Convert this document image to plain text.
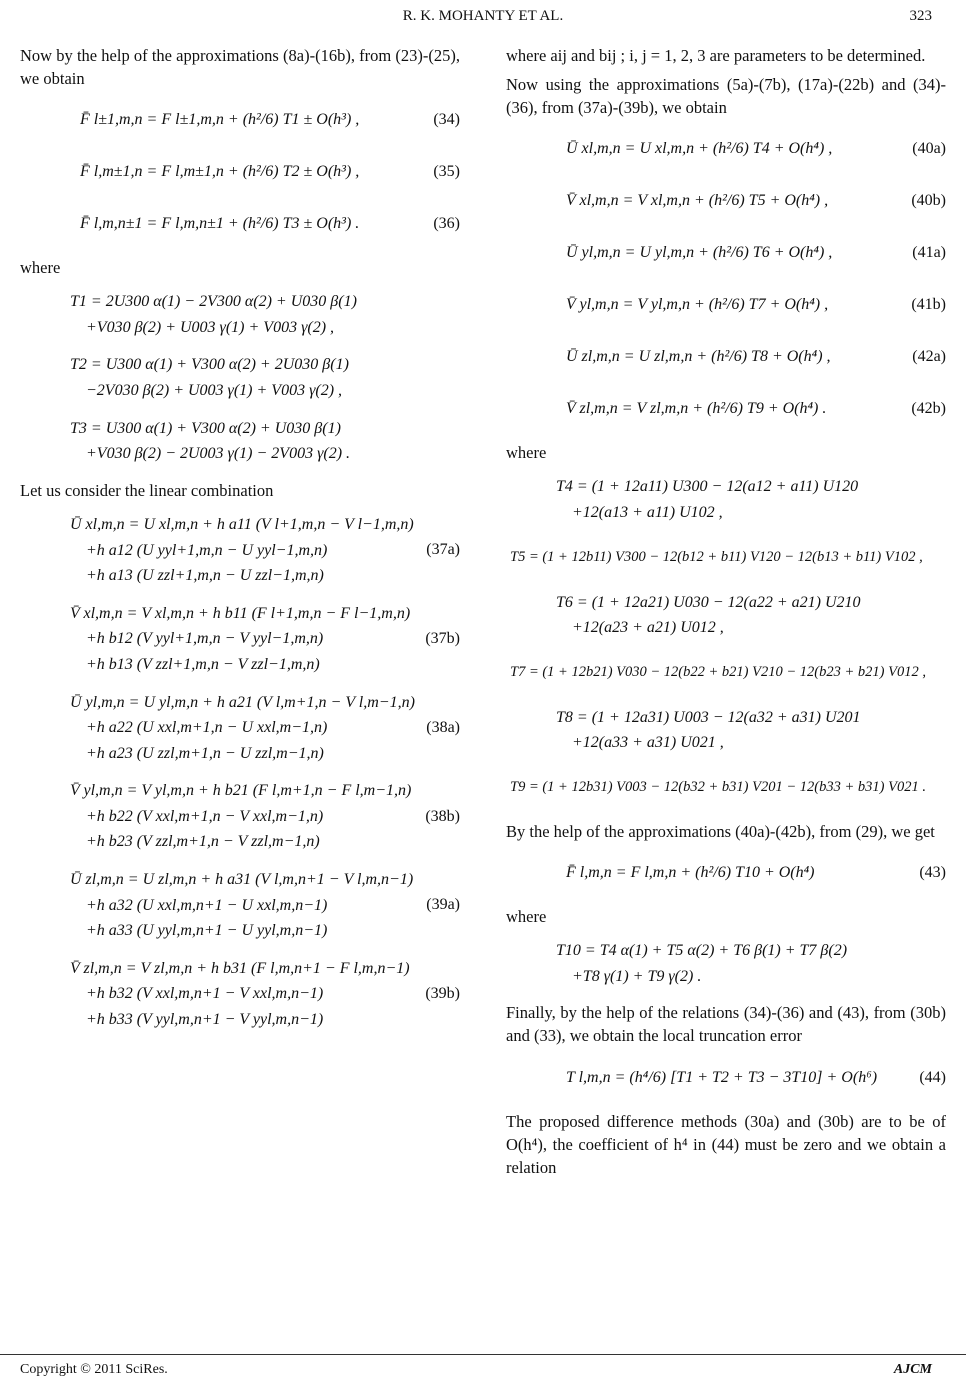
R. K. MOHANTY ET AL.	323

Now by the help of the approximations (8a)-(16b), from (23)-(25), we obtain

F̄ l±1,m,n = F l±1,m,n + (h²/6) T1 ± O(h³) ,	(34)
F̄ l,m±1,n = F l,m±1,n + (h²/6) T2 ± O(h³) ,	(35)
F̄ l,m,n±1 = F l,m,n±1 + (h²/6) T3 ± O(h³) .	(36)

where

T1 = 2U300 α(1) − 2V300 α(2) + U030 β(1)
+V030 β(2) + U003 γ(1) + V003 γ(2) ,
T2 = U300 α(1) + V300 α(2) + 2U030 β(1)
−2V030 β(2) + U003 γ(1) + V003 γ(2) ,
T3 = U300 α(1) + V300 α(2) + U030 β(1)
+V030 β(2) − 2U003 γ(1) − 2V003 γ(2) .

Let us consider the linear combination

Ū xl,m,n = U xl,m,n + h a11 (V l+1,m,n − V l−1,m,n)
+h a12 (U yyl+1,m,n − U yyl−1,m,n)
+h a13 (U zzl+1,m,n − U zzl−1,m,n)
(37a)
V̄ xl,m,n = V xl,m,n + h b11 (F l+1,m,n − F l−1,m,n)
+h b12 (V yyl+1,m,n − V yyl−1,m,n)
+h b13 (V zzl+1,m,n − V zzl−1,m,n)
(37b)
Ū yl,m,n = U yl,m,n + h a21 (V l,m+1,n − V l,m−1,n)
+h a22 (U xxl,m+1,n − U xxl,m−1,n)
+h a23 (U zzl,m+1,n − U zzl,m−1,n)
(38a)
V̄ yl,m,n = V yl,m,n + h b21 (F l,m+1,n − F l,m−1,n)
+h b22 (V xxl,m+1,n − V xxl,m−1,n)
+h b23 (V zzl,m+1,n − V zzl,m−1,n)
(38b)
Ū zl,m,n = U zl,m,n + h a31 (V l,m,n+1 − V l,m,n−1)
+h a32 (U xxl,m,n+1 − U xxl,m,n−1)
+h a33 (U yyl,m,n+1 − U yyl,m,n−1)
(39a)
V̄ zl,m,n = V zl,m,n + h b31 (F l,m,n+1 − F l,m,n−1)
+h b32 (V xxl,m,n+1 − V xxl,m,n−1)
+h b33 (V yyl,m,n+1 − V yyl,m,n−1)
(39b)

where aij and bij ; i, j = 1, 2, 3 are parameters to be determined.

Now using the approximations (5a)-(7b), (17a)-(22b) and (34)-(36), from (37a)-(39b), we obtain

Ū xl,m,n = U xl,m,n + (h²/6) T4 + O(h⁴) ,	(40a)
V̄ xl,m,n = V xl,m,n + (h²/6) T5 + O(h⁴) ,	(40b)
Ū yl,m,n = U yl,m,n + (h²/6) T6 + O(h⁴) ,	(41a)
V̄ yl,m,n = V yl,m,n + (h²/6) T7 + O(h⁴) ,	(41b)
Ū zl,m,n = U zl,m,n + (h²/6) T8 + O(h⁴) ,	(42a)
V̄ zl,m,n = V zl,m,n + (h²/6) T9 + O(h⁴) .	(42b)

where

T4 = (1 + 12a11) U300 − 12(a12 + a11) U120
+12(a13 + a11) U102 ,
T5 = (1 + 12b11) V300 − 12(b12 + b11) V120 − 12(b13 + b11) V102 ,
T6 = (1 + 12a21) U030 − 12(a22 + a21) U210
+12(a23 + a21) U012 ,
T7 = (1 + 12b21) V030 − 12(b22 + b21) V210 − 12(b23 + b21) V012 ,
T8 = (1 + 12a31) U003 − 12(a32 + a31) U201
+12(a33 + a31) U021 ,
T9 = (1 + 12b31) V003 − 12(b32 + b31) V201 − 12(b33 + b31) V021 .

By the help of the approximations (40a)-(42b), from (29), we get

F̄ l,m,n = F l,m,n + (h²/6) T10 + O(h⁴)	(43)

where

T10 = T4 α(1) + T5 α(2) + T6 β(1) + T7 β(2)
+T8 γ(1) + T9 γ(2) .

Finally, by the help of the relations (34)-(36) and (43), from (30b) and (33), we obtain the local truncation error

T l,m,n = (h⁴/6) [T1 + T2 + T3 − 3T10] + O(h⁶)	(44)

The proposed difference methods (30a) and (30b) are to be of O(h⁴), the coefficient of h⁴ in (44) must be zero and we obtain a relation

Copyright © 2011 SciRes.	AJCM
